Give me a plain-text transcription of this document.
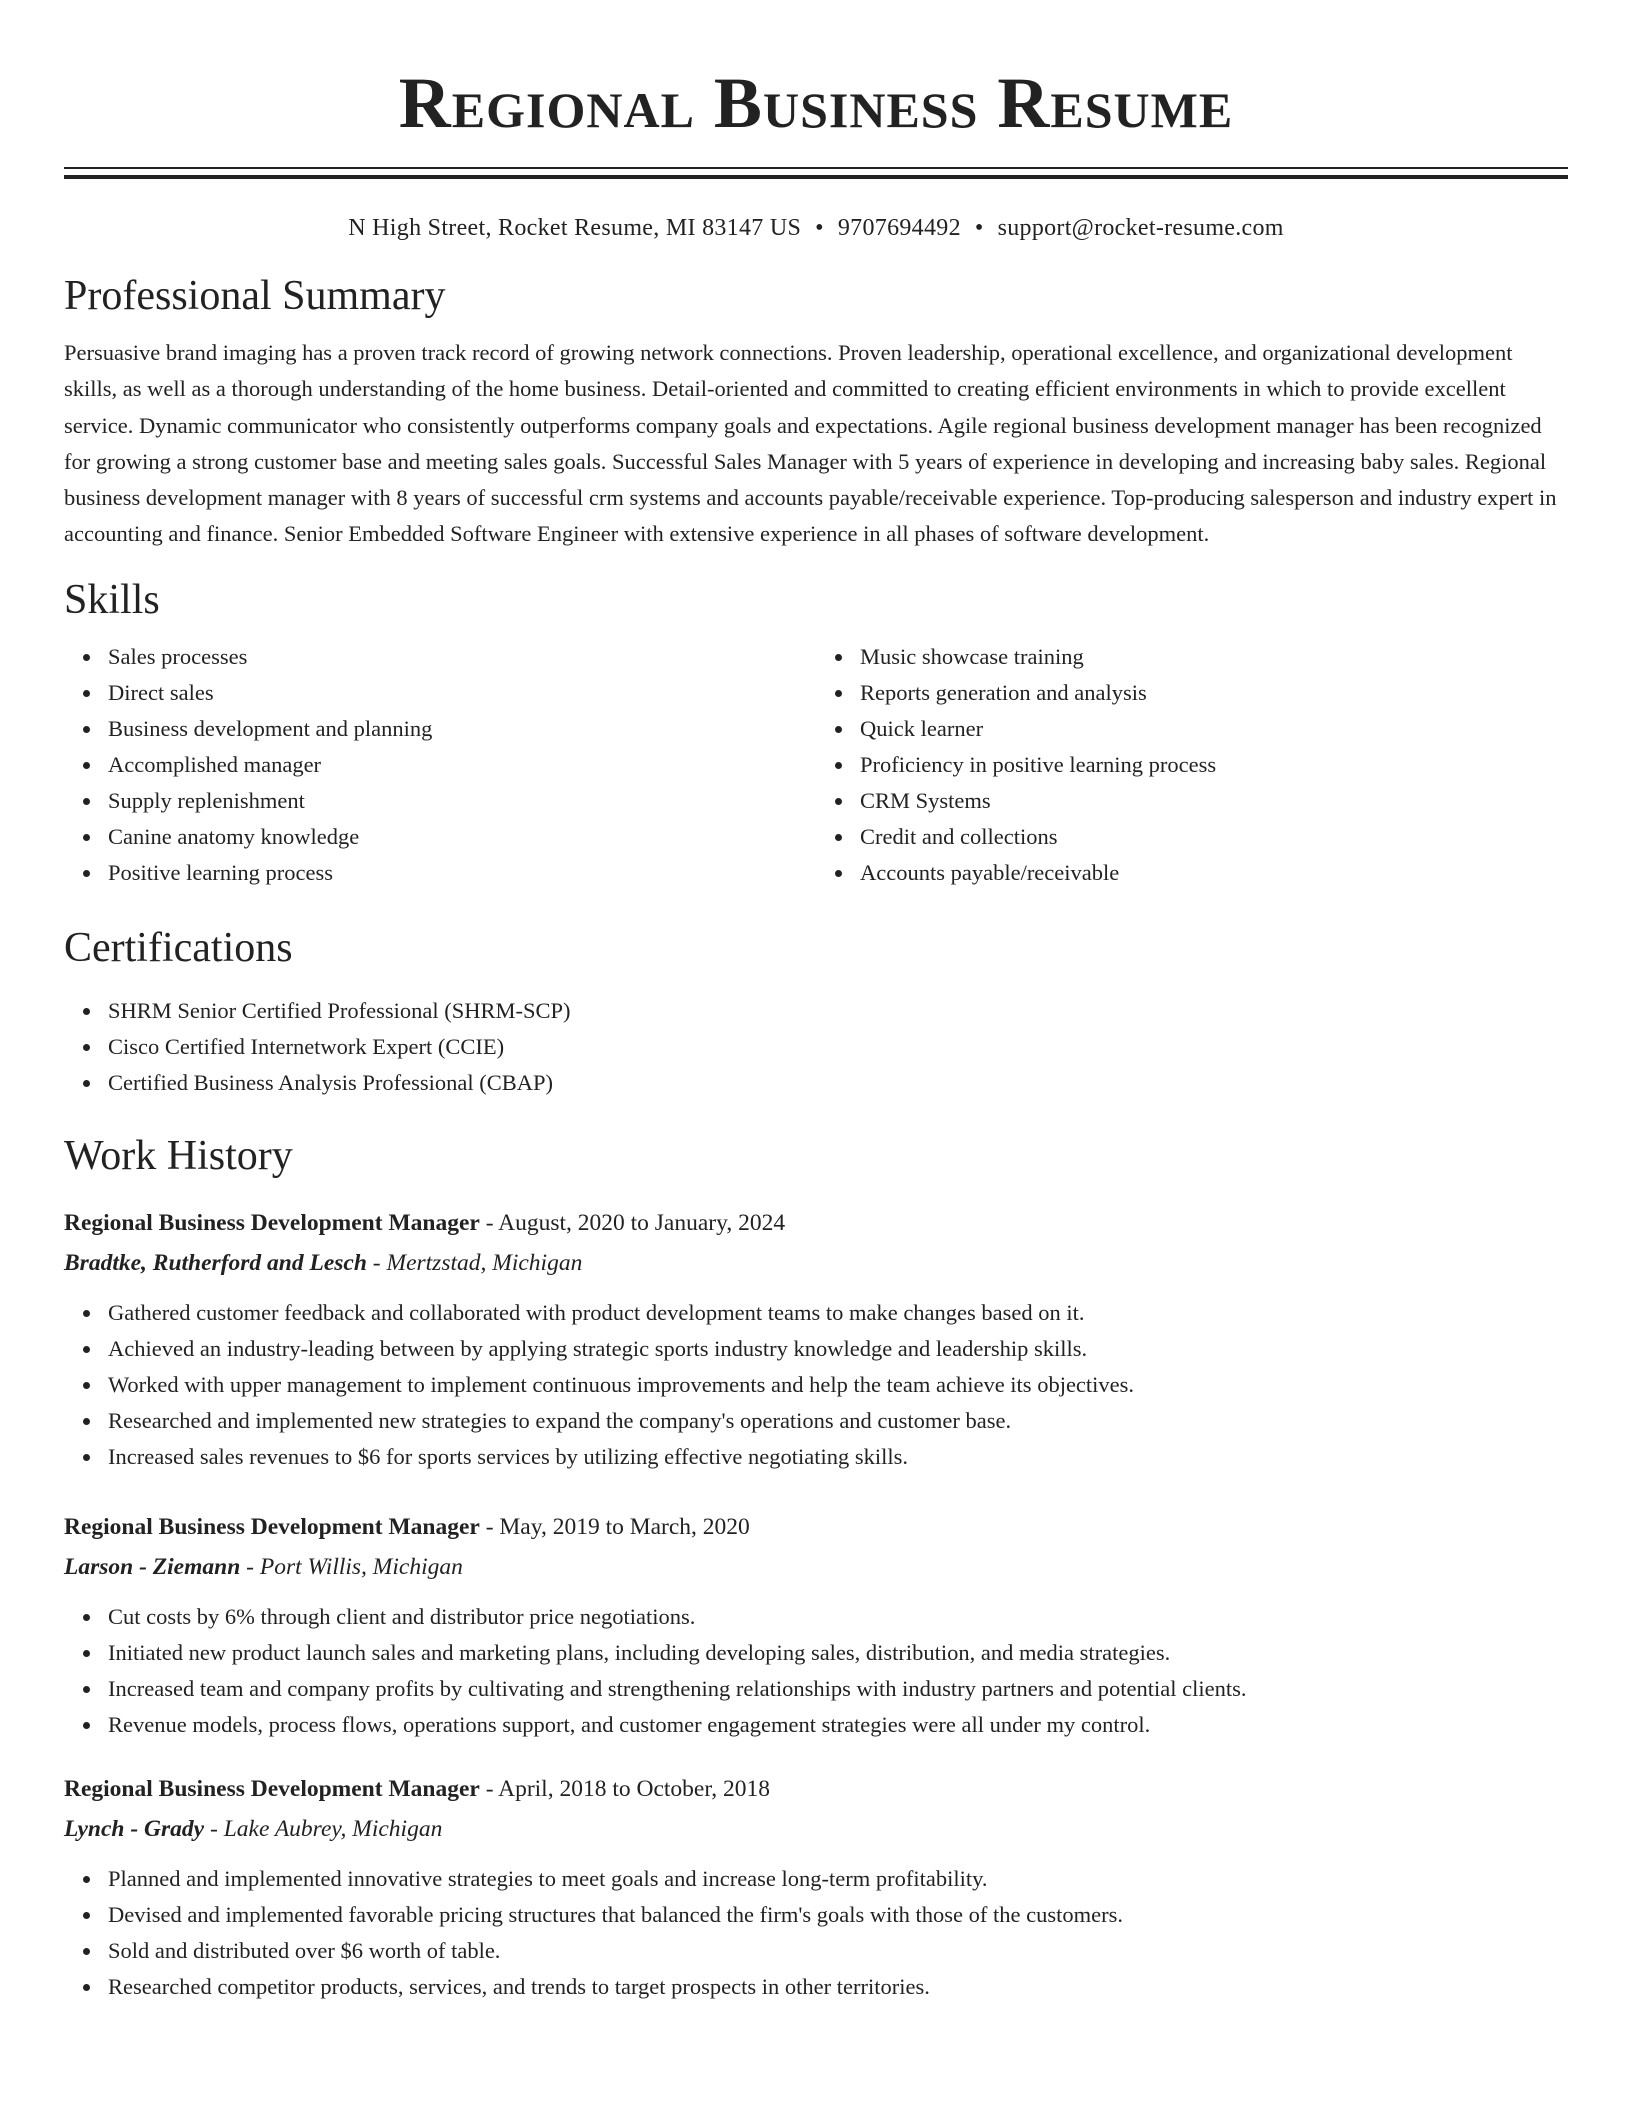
Regional Business Resume
N High Street, Rocket Resume, MI 83147 US • 9707694492 • support@rocket-resume.com
Professional Summary
Persuasive brand imaging has a proven track record of growing network connections. Proven leadership, operational excellence, and organizational development skills, as well as a thorough understanding of the home business. Detail-oriented and committed to creating efficient environments in which to provide excellent service. Dynamic communicator who consistently outperforms company goals and expectations. Agile regional business development manager has been recognized for growing a strong customer base and meeting sales goals. Successful Sales Manager with 5 years of experience in developing and increasing baby sales. Regional business development manager with 8 years of successful crm systems and accounts payable/receivable experience. Top-producing salesperson and industry expert in accounting and finance. Senior Embedded Software Engineer with extensive experience in all phases of software development.
Skills
Sales processes
Direct sales
Business development and planning
Accomplished manager
Supply replenishment
Canine anatomy knowledge
Positive learning process
Music showcase training
Reports generation and analysis
Quick learner
Proficiency in positive learning process
CRM Systems
Credit and collections
Accounts payable/receivable
Certifications
SHRM Senior Certified Professional (SHRM-SCP)
Cisco Certified Internetwork Expert (CCIE)
Certified Business Analysis Professional (CBAP)
Work History
Regional Business Development Manager - August, 2020 to January, 2024
Bradtke, Rutherford and Lesch - Mertzstad, Michigan
Gathered customer feedback and collaborated with product development teams to make changes based on it.
Achieved an industry-leading between by applying strategic sports industry knowledge and leadership skills.
Worked with upper management to implement continuous improvements and help the team achieve its objectives.
Researched and implemented new strategies to expand the company's operations and customer base.
Increased sales revenues to $6 for sports services by utilizing effective negotiating skills.
Regional Business Development Manager - May, 2019 to March, 2020
Larson - Ziemann - Port Willis, Michigan
Cut costs by 6% through client and distributor price negotiations.
Initiated new product launch sales and marketing plans, including developing sales, distribution, and media strategies.
Increased team and company profits by cultivating and strengthening relationships with industry partners and potential clients.
Revenue models, process flows, operations support, and customer engagement strategies were all under my control.
Regional Business Development Manager - April, 2018 to October, 2018
Lynch - Grady - Lake Aubrey, Michigan
Planned and implemented innovative strategies to meet goals and increase long-term profitability.
Devised and implemented favorable pricing structures that balanced the firm's goals with those of the customers.
Sold and distributed over $6 worth of table.
Researched competitor products, services, and trends to target prospects in other territories.
